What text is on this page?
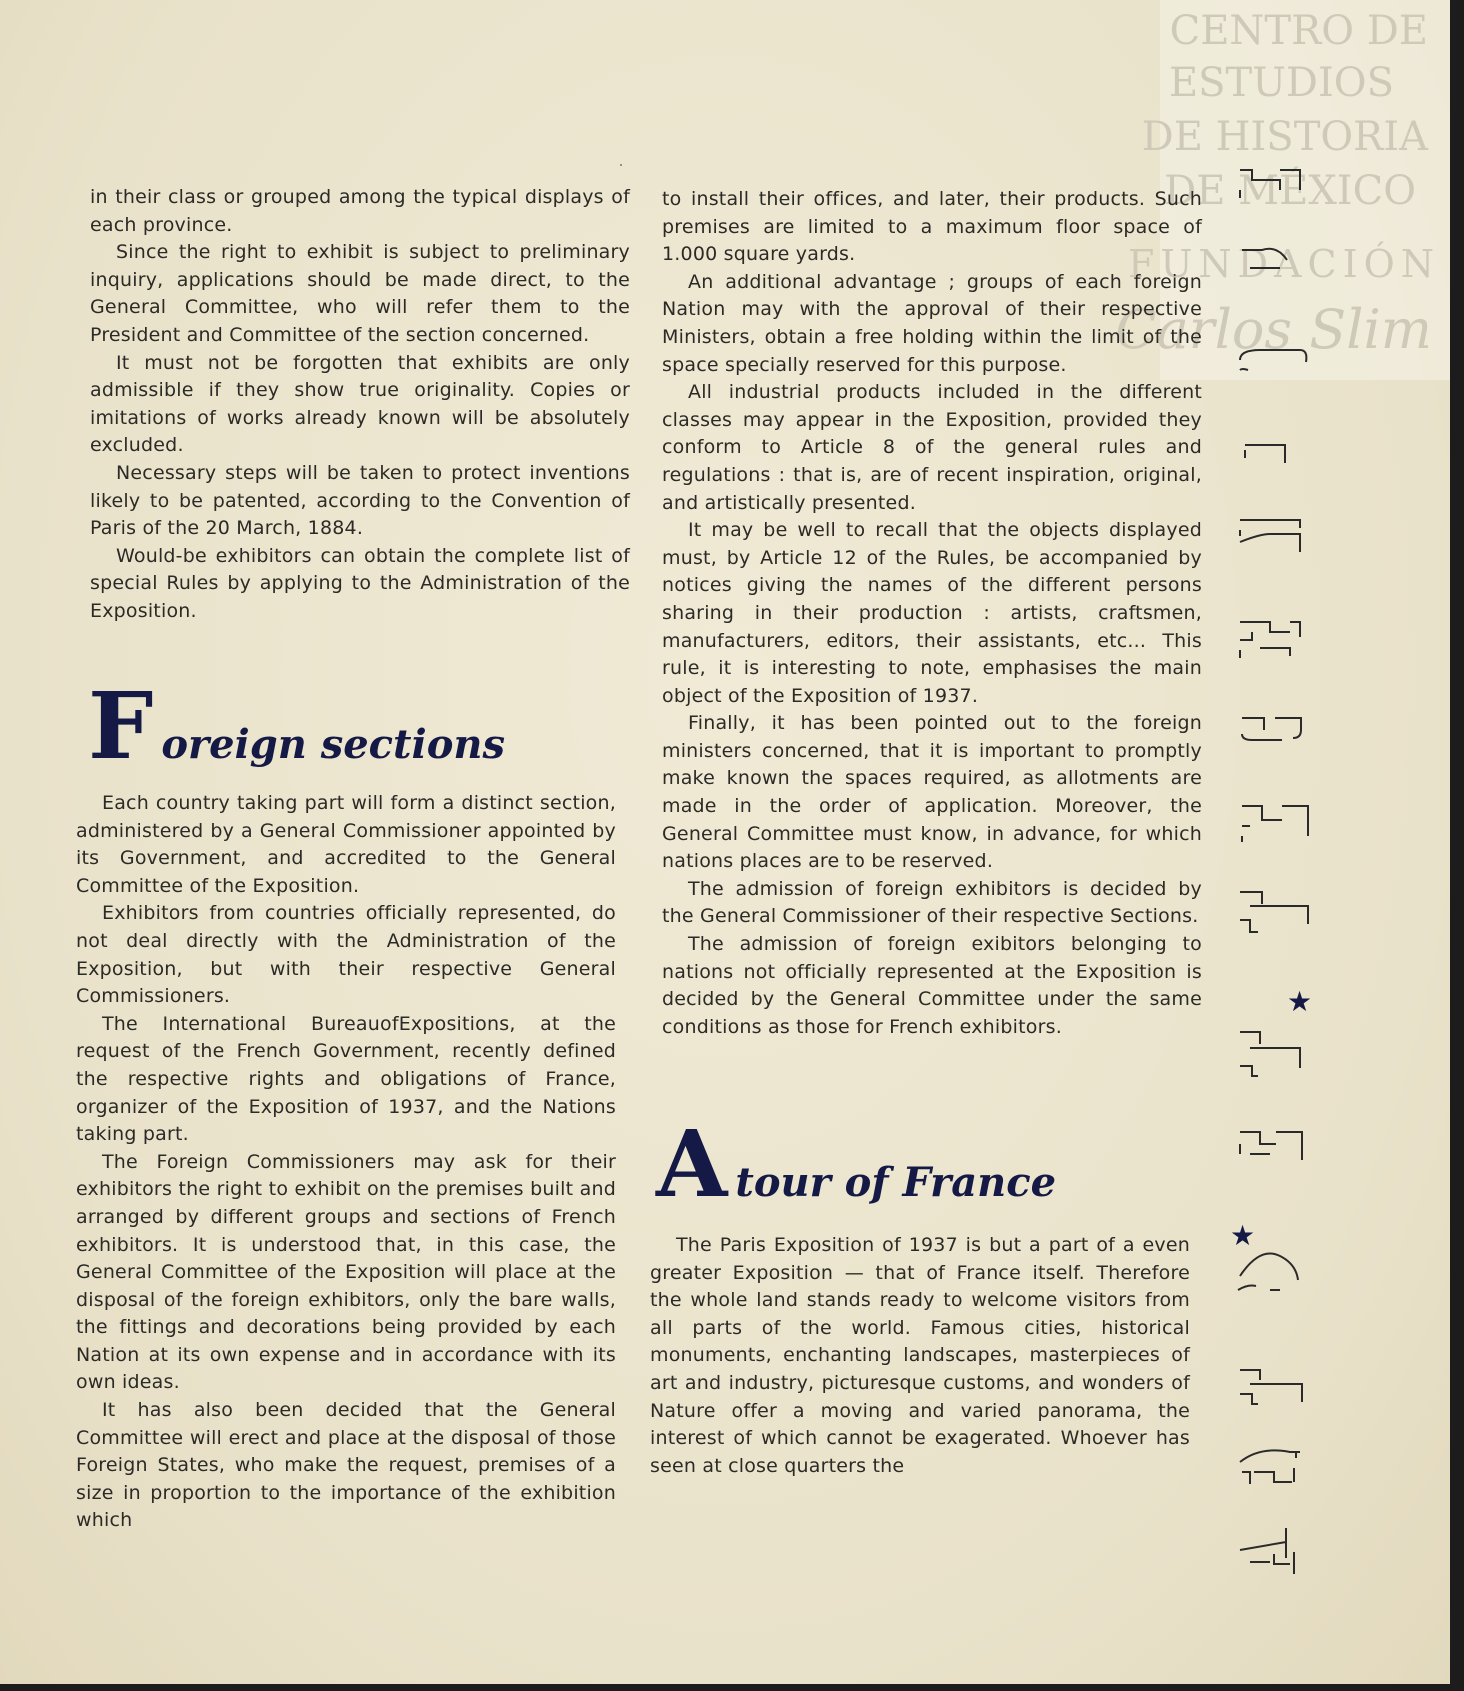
CENTRO DE
ESTUDIOS
DE HISTORIA
DE MÉXICO
FUNDACIÓN
Carlos Slim

in their class or grouped among the typical displays of each province.

Since the right to exhibit is subject to preliminary inquiry, applications should be made direct, to the General Committee, who will refer them to the President and Committee of the section concerned.

It must not be forgotten that exhibits are only admissible if they show true originality. Copies or imitations of works already known will be absolutely excluded.

Necessary steps will be taken to protect inventions likely to be patented, according to the Convention of Paris of the 20 March, 1884.

Would-be exhibitors can obtain the complete list of special Rules by applying to the Administration of the Exposition.

Foreign sections

Each country taking part will form a distinct section, administered by a General Commissioner appointed by its Government, and accredited to the General Committee of the Exposition.

Exhibitors from countries officially represented, do not deal directly with the Administration of the Exposition, but with their respective General Commissioners.

The International BureauofExpositions, at the request of the French Government, recently defined the respective rights and obligations of France, organizer of the Exposition of 1937, and the Nations taking part.

The Foreign Commissioners may ask for their exhibitors the right to exhibit on the premises built and arranged by different groups and sections of French exhibitors. It is understood that, in this case, the General Committee of the Exposition will place at the disposal of the foreign exhibitors, only the bare walls, the fittings and decorations being provided by each Nation at its own expense and in accordance with its own ideas.

It has also been decided that the General Committee will erect and place at the disposal of those Foreign States, who make the request, premises of a size in proportion to the importance of the exhibition which

to install their offices, and later, their products. Such premises are limited to a maximum floor space of 1.000 square yards.

An additional advantage ; groups of each foreign Nation may with the approval of their respective Ministers, obtain a free holding within the limit of the space specially reserved for this purpose.

All industrial products included in the different classes may appear in the Exposition, provided they conform to Article 8 of the general rules and regulations : that is, are of recent inspiration, original, and artistically presented.

It may be well to recall that the objects displayed must, by Article 12 of the Rules, be accompanied by notices giving the names of the different persons sharing in their production : artists, craftsmen, manufacturers, editors, their assistants, etc... This rule, it is interesting to note, emphasises the main object of the Exposition of 1937.

Finally, it has been pointed out to the foreign ministers concerned, that it is important to promptly make known the spaces required, as allotments are made in the order of application. Moreover, the General Committee must know, in advance, for which nations places are to be reserved.

The admission of foreign exhibitors is decided by the General Commissioner of their respective Sections.

The admission of foreign exibitors belonging to nations not officially represented at the Exposition is decided by the General Committee under the same conditions as those for French exhibitors.

Atour of France

The Paris Exposition of 1937 is but a part of a even greater Exposition — that of France itself. Therefore the whole land stands ready to welcome visitors from all parts of the world. Famous cities, historical monuments, enchanting landscapes, masterpieces of art and industry, picturesque customs, and wonders of Nature offer a moving and varied panorama, the interest of which cannot be exagerated. Whoever has seen at close quarters the

★
★
